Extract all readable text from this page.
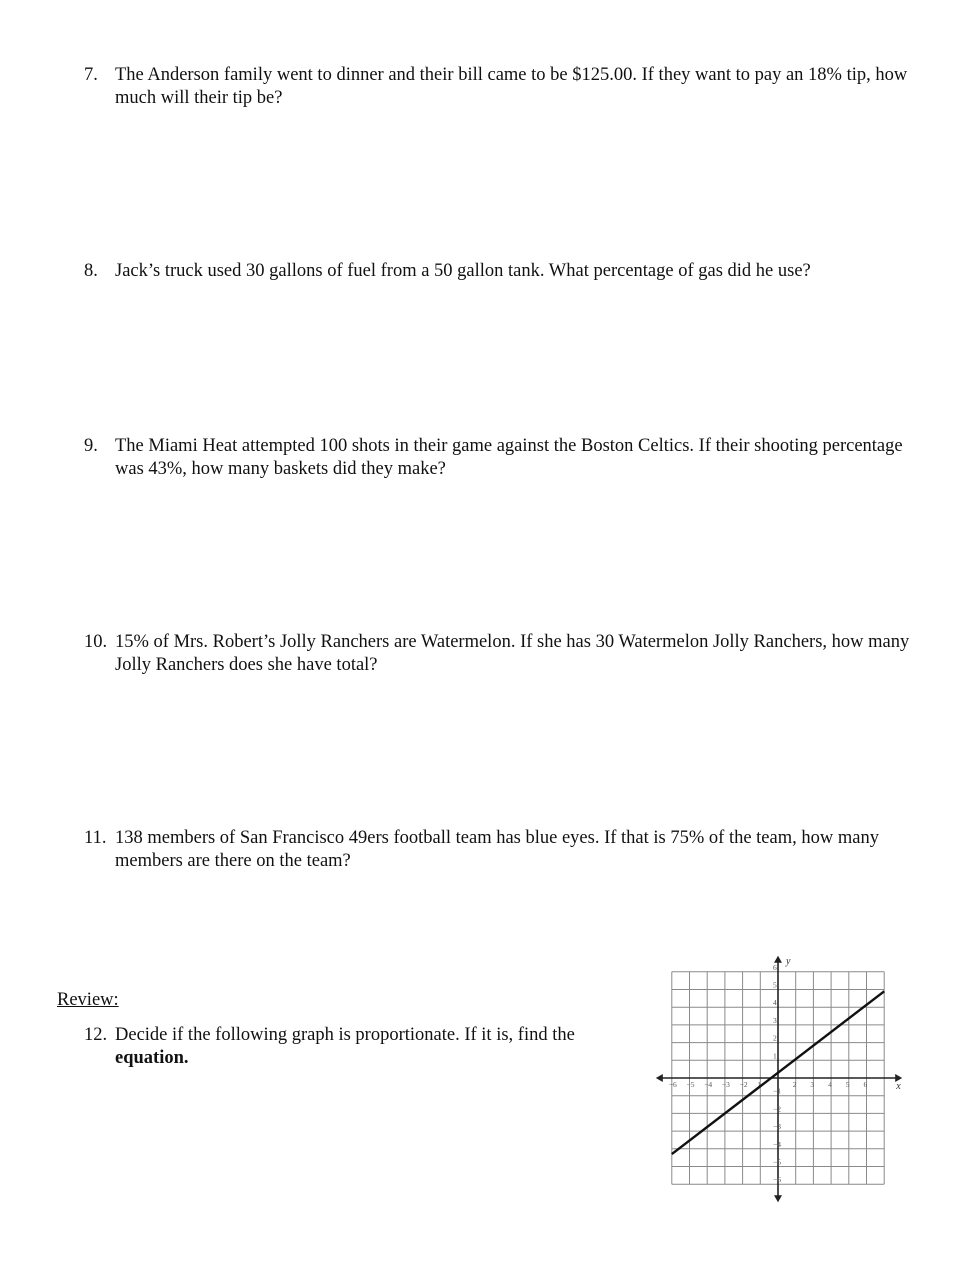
7. The Anderson family went to dinner and their bill came to be $125.00. If they want to pay an 18% tip, how much will their tip be?
8. Jack’s truck used 30 gallons of fuel from a 50 gallon tank. What percentage of gas did he use?
9. The Miami Heat attempted 100 shots in their game against the Boston Celtics. If their shooting percentage was 43%, how many baskets did they make?
10. 15% of Mrs. Robert’s Jolly Ranchers are Watermelon. If she has 30 Watermelon Jolly Ranchers, how many Jolly Ranchers does she have total?
11. 138 members of San Francisco 49ers football team has blue eyes. If that is 75% of the team, how many members are there on the team?
Review:
12. Decide if the following graph is proportionate. If it is, find the
equation.
−6 −5 −4 −3 −2 1	2 3 4 5 6
6
5
4
3
2
1
−1
−2
−3
−4
−5
−6
x
y
